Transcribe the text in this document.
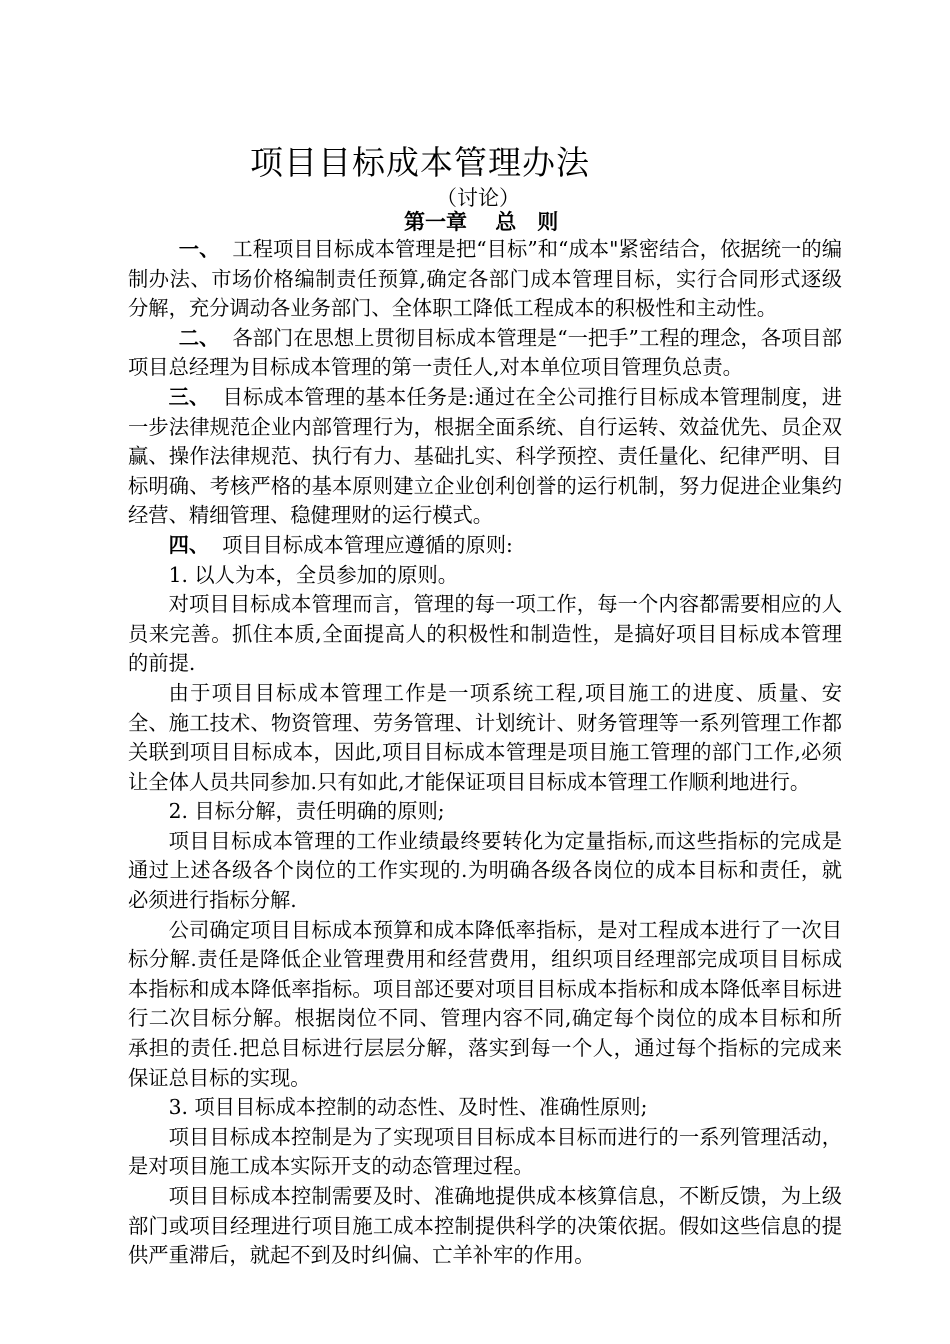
项目目标成本管理办法
（讨论）
第一章　 总　则

一、 工程项目目标成本管理是把“目标”和“成本"紧密结合，依据统一的编制办法、市场价格编制责任预算,确定各部门成本管理目标，实行合同形式逐级分解，充分调动各业务部门、全体职工降低工程成本的积极性和主动性。

二、 各部门在思想上贯彻目标成本管理是“一把手”工程的理念，各项目部项目总经理为目标成本管理的第一责任人,对本单位项目管理负总责。

三、 目标成本管理的基本任务是:通过在全公司推行目标成本管理制度，进一步法律规范企业内部管理行为，根据全面系统、自行运转、效益优先、员企双赢、操作法律规范、执行有力、基础扎实、科学预控、责任量化、纪律严明、目标明确、考核严格的基本原则建立企业创利创誉的运行机制，努力促进企业集约经营、精细管理、稳健理财的运行模式。

四、 项目目标成本管理应遵循的原则:

1. 以人为本，全员参加的原则。

对项目目标成本管理而言，管理的每一项工作，每一个内容都需要相应的人员来完善。抓住本质,全面提高人的积极性和制造性，是搞好项目目标成本管理的前提.

由于项目目标成本管理工作是一项系统工程,项目施工的进度、质量、安全、施工技术、物资管理、劳务管理、计划统计、财务管理等一系列管理工作都关联到项目目标成本，因此,项目目标成本管理是项目施工管理的部门工作,必须让全体人员共同参加.只有如此,才能保证项目目标成本管理工作顺利地进行。

2. 目标分解，责任明确的原则;

项目目标成本管理的工作业绩最终要转化为定量指标,而这些指标的完成是通过上述各级各个岗位的工作实现的.为明确各级各岗位的成本目标和责任，就必须进行指标分解.

公司确定项目目标成本预算和成本降低率指标，是对工程成本进行了一次目标分解.责任是降低企业管理费用和经营费用，组织项目经理部完成项目目标成本指标和成本降低率指标。项目部还要对项目目标成本指标和成本降低率目标进行二次目标分解。根据岗位不同、管理内容不同,确定每个岗位的成本目标和所承担的责任.把总目标进行层层分解，落实到每一个人，通过每个指标的完成来保证总目标的实现。

3. 项目目标成本控制的动态性、及时性、准确性原则;

项目目标成本控制是为了实现项目目标成本目标而进行的一系列管理活动，是对项目施工成本实际开支的动态管理过程。

项目目标成本控制需要及时、准确地提供成本核算信息，不断反馈，为上级部门或项目经理进行项目施工成本控制提供科学的决策依据。假如这些信息的提供严重滞后，就起不到及时纠偏、亡羊补牢的作用。
